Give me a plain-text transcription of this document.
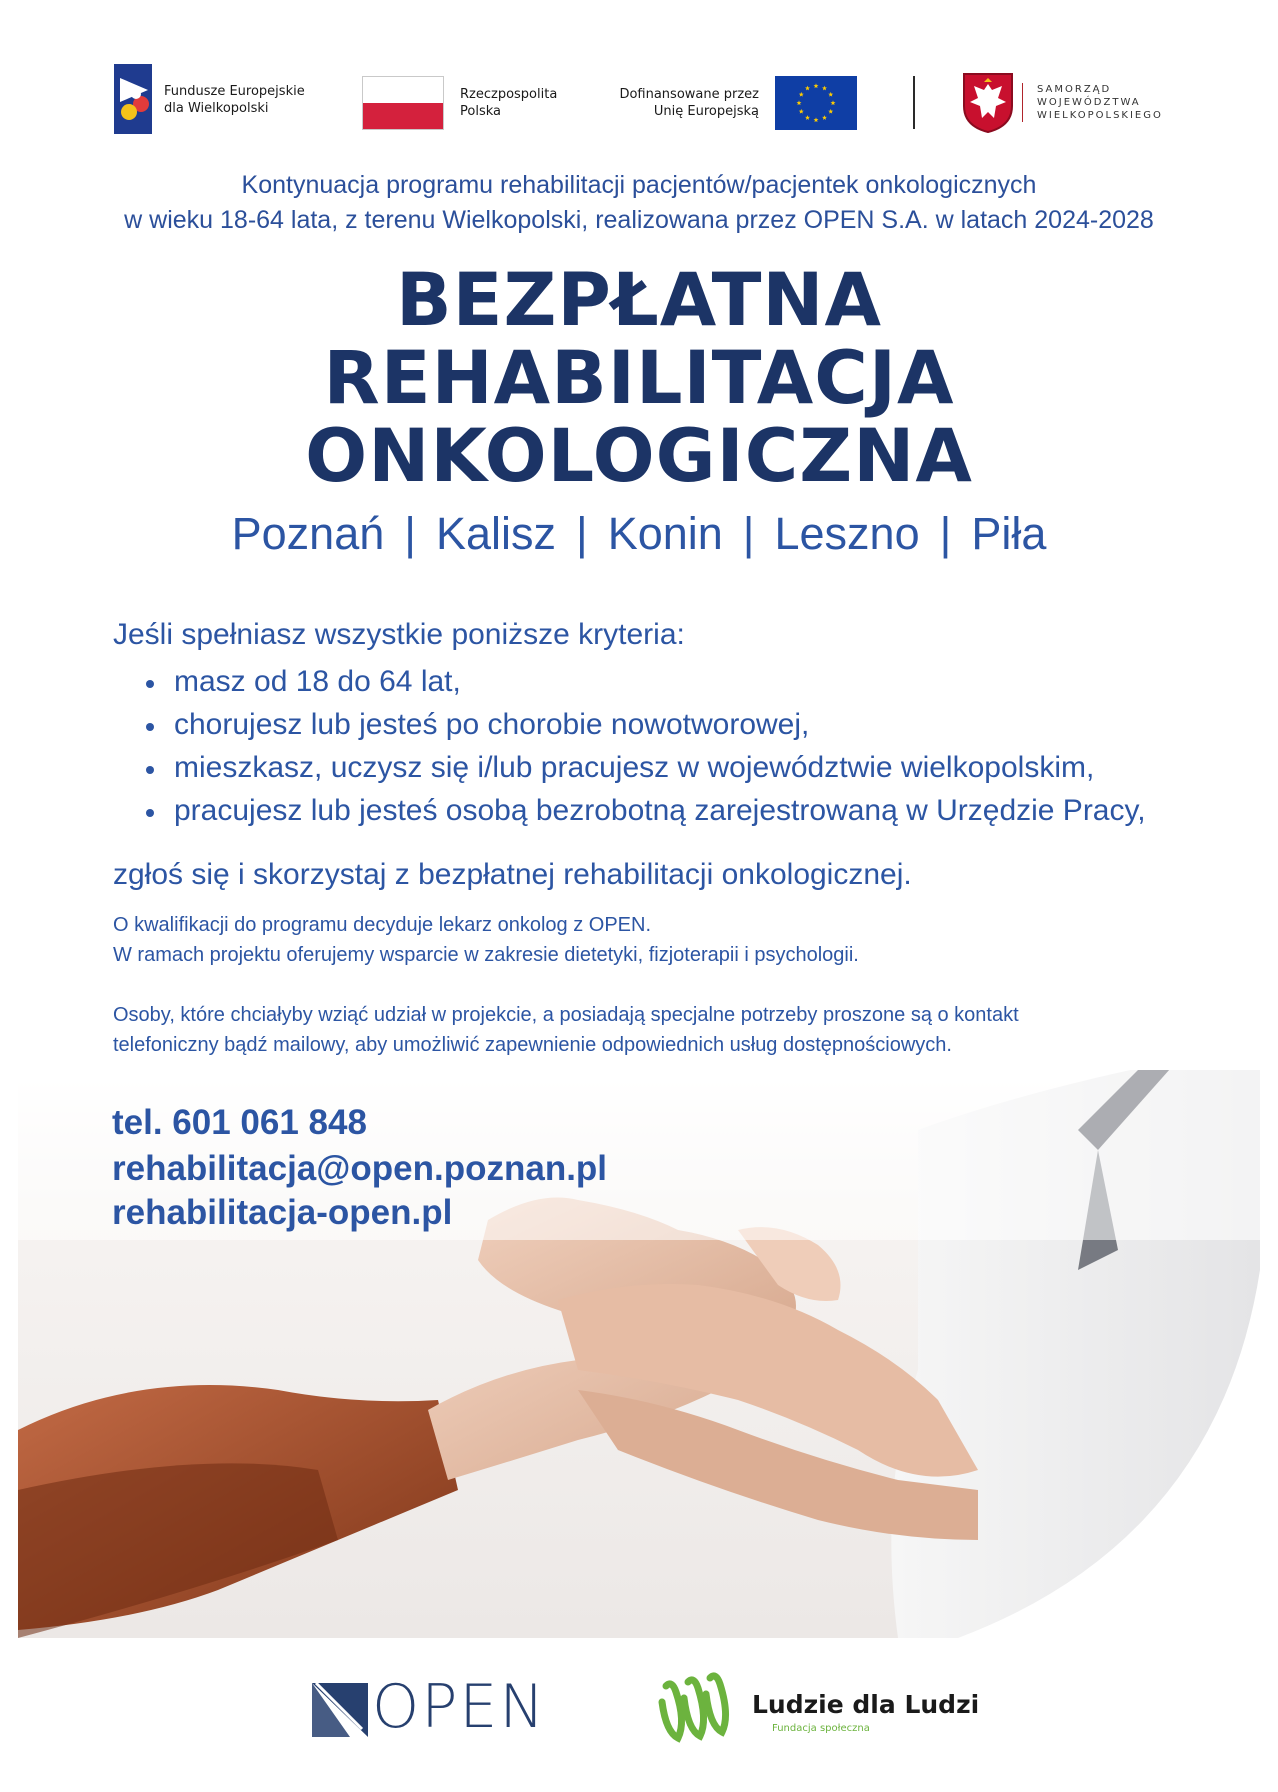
Fundusze Europejskie
dla Wielkopolski
Rzeczpospolita
Polska
Dofinansowane przez
Unię Europejską
SAMORZĄD
WOJEWÓDZTWA
WIELKOPOLSKIEGO
Kontynuacja programu rehabilitacji pacjentów/pacjentek onkologicznych
w wieku 18-64 lata, z terenu Wielkopolski, realizowana przez OPEN S.A. w latach 2024-2028
BEZPŁATNA
REHABILITACJA
ONKOLOGICZNA
Poznań | Kalisz | Konin | Leszno | Piła
Jeśli spełniasz wszystkie poniższe kryteria:
masz od 18 do 64 lat,
chorujesz lub jesteś po chorobie nowotworowej,
mieszkasz, uczysz się i/lub pracujesz w województwie wielkopolskim,
pracujesz lub jesteś osobą bezrobotną zarejestrowaną w Urzędzie Pracy,
zgłoś się i skorzystaj z bezpłatnej rehabilitacji onkologicznej.
O kwalifikacji do programu decyduje lekarz onkolog z OPEN.
W ramach projektu oferujemy wsparcie w zakresie dietetyki, fizjoterapii i psychologii.
Osoby, które chciałyby wziąć udział w projekcie, a posiadają specjalne potrzeby proszone są o kontakt
telefoniczny bądź mailowy, aby umożliwić zapewnienie odpowiednich usług dostępnościowych.
tel. 601 061 848
rehabilitacja@open.poznan.pl
rehabilitacja-open.pl
OPEN	Ludzie dla Ludzi
Fundacja społeczna
